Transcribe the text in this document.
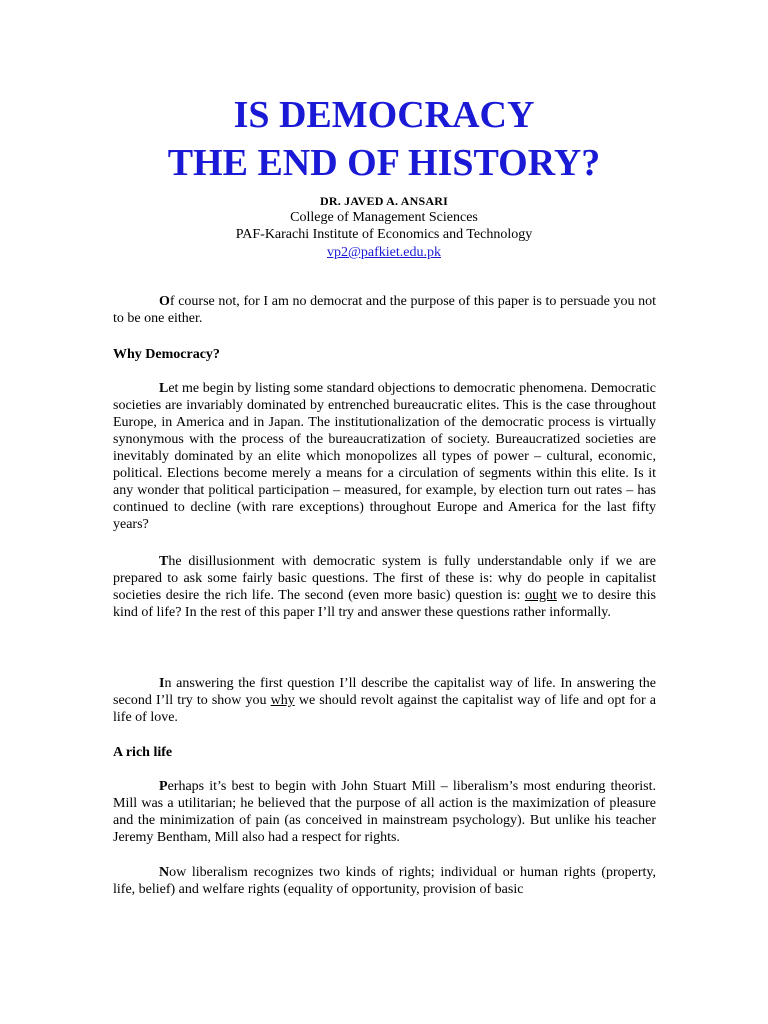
IS DEMOCRACY
THE END OF HISTORY?
DR. JAVED A. ANSARI
College of Management Sciences
PAF-Karachi Institute of Economics and Technology
vp2@pafkiet.edu.pk

Of course not, for I am no democrat and the purpose of this paper is to persuade you not to be one either.

Why Democracy?

Let me begin by listing some standard objections to democratic phenomena. Democratic societies are invariably dominated by entrenched bureaucratic elites. This is the case throughout Europe, in America and in Japan. The institutionalization of the democratic process is virtually synonymous with the process of the bureaucratization of society. Bureaucratized societies are inevitably dominated by an elite which monopolizes all types of power – cultural, economic, political. Elections become merely a means for a circulation of segments within this elite. Is it any wonder that political participation – measured, for example, by election turn out rates – has continued to decline (with rare exceptions) throughout Europe and America for the last fifty years?

The disillusionment with democratic system is fully understandable only if we are prepared to ask some fairly basic questions. The first of these is: why do people in capitalist societies desire the rich life. The second (even more basic) question is: ought we to desire this kind of life? In the rest of this paper I’ll try and answer these questions rather informally.

In answering the first question I’ll describe the capitalist way of life. In answering the second I’ll try to show you why we should revolt against the capitalist way of life and opt for a life of love.

A rich life

Perhaps it’s best to begin with John Stuart Mill – liberalism’s most enduring theorist. Mill was a utilitarian; he believed that the purpose of all action is the maximization of pleasure and the minimization of pain (as conceived in mainstream psychology). But unlike his teacher Jeremy Bentham, Mill also had a respect for rights.

Now liberalism recognizes two kinds of rights; individual or human rights (property, life, belief) and welfare rights (equality of opportunity, provision of basic
